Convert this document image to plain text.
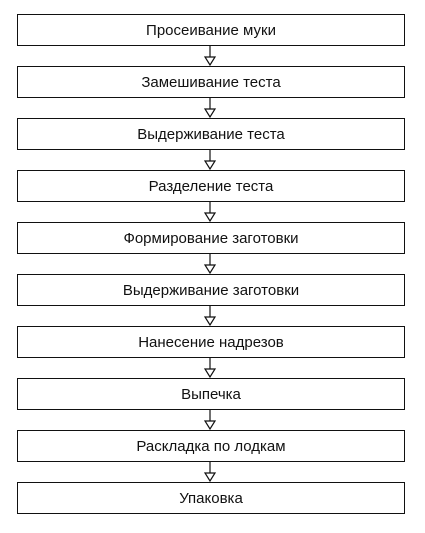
Просеивание муки
Замешивание теста
Выдерживание теста
Разделение теста
Формирование заготовки
Выдерживание заготовки
Нанесение надрезов
Выпечка
Раскладка по лодкам
Упаковка
